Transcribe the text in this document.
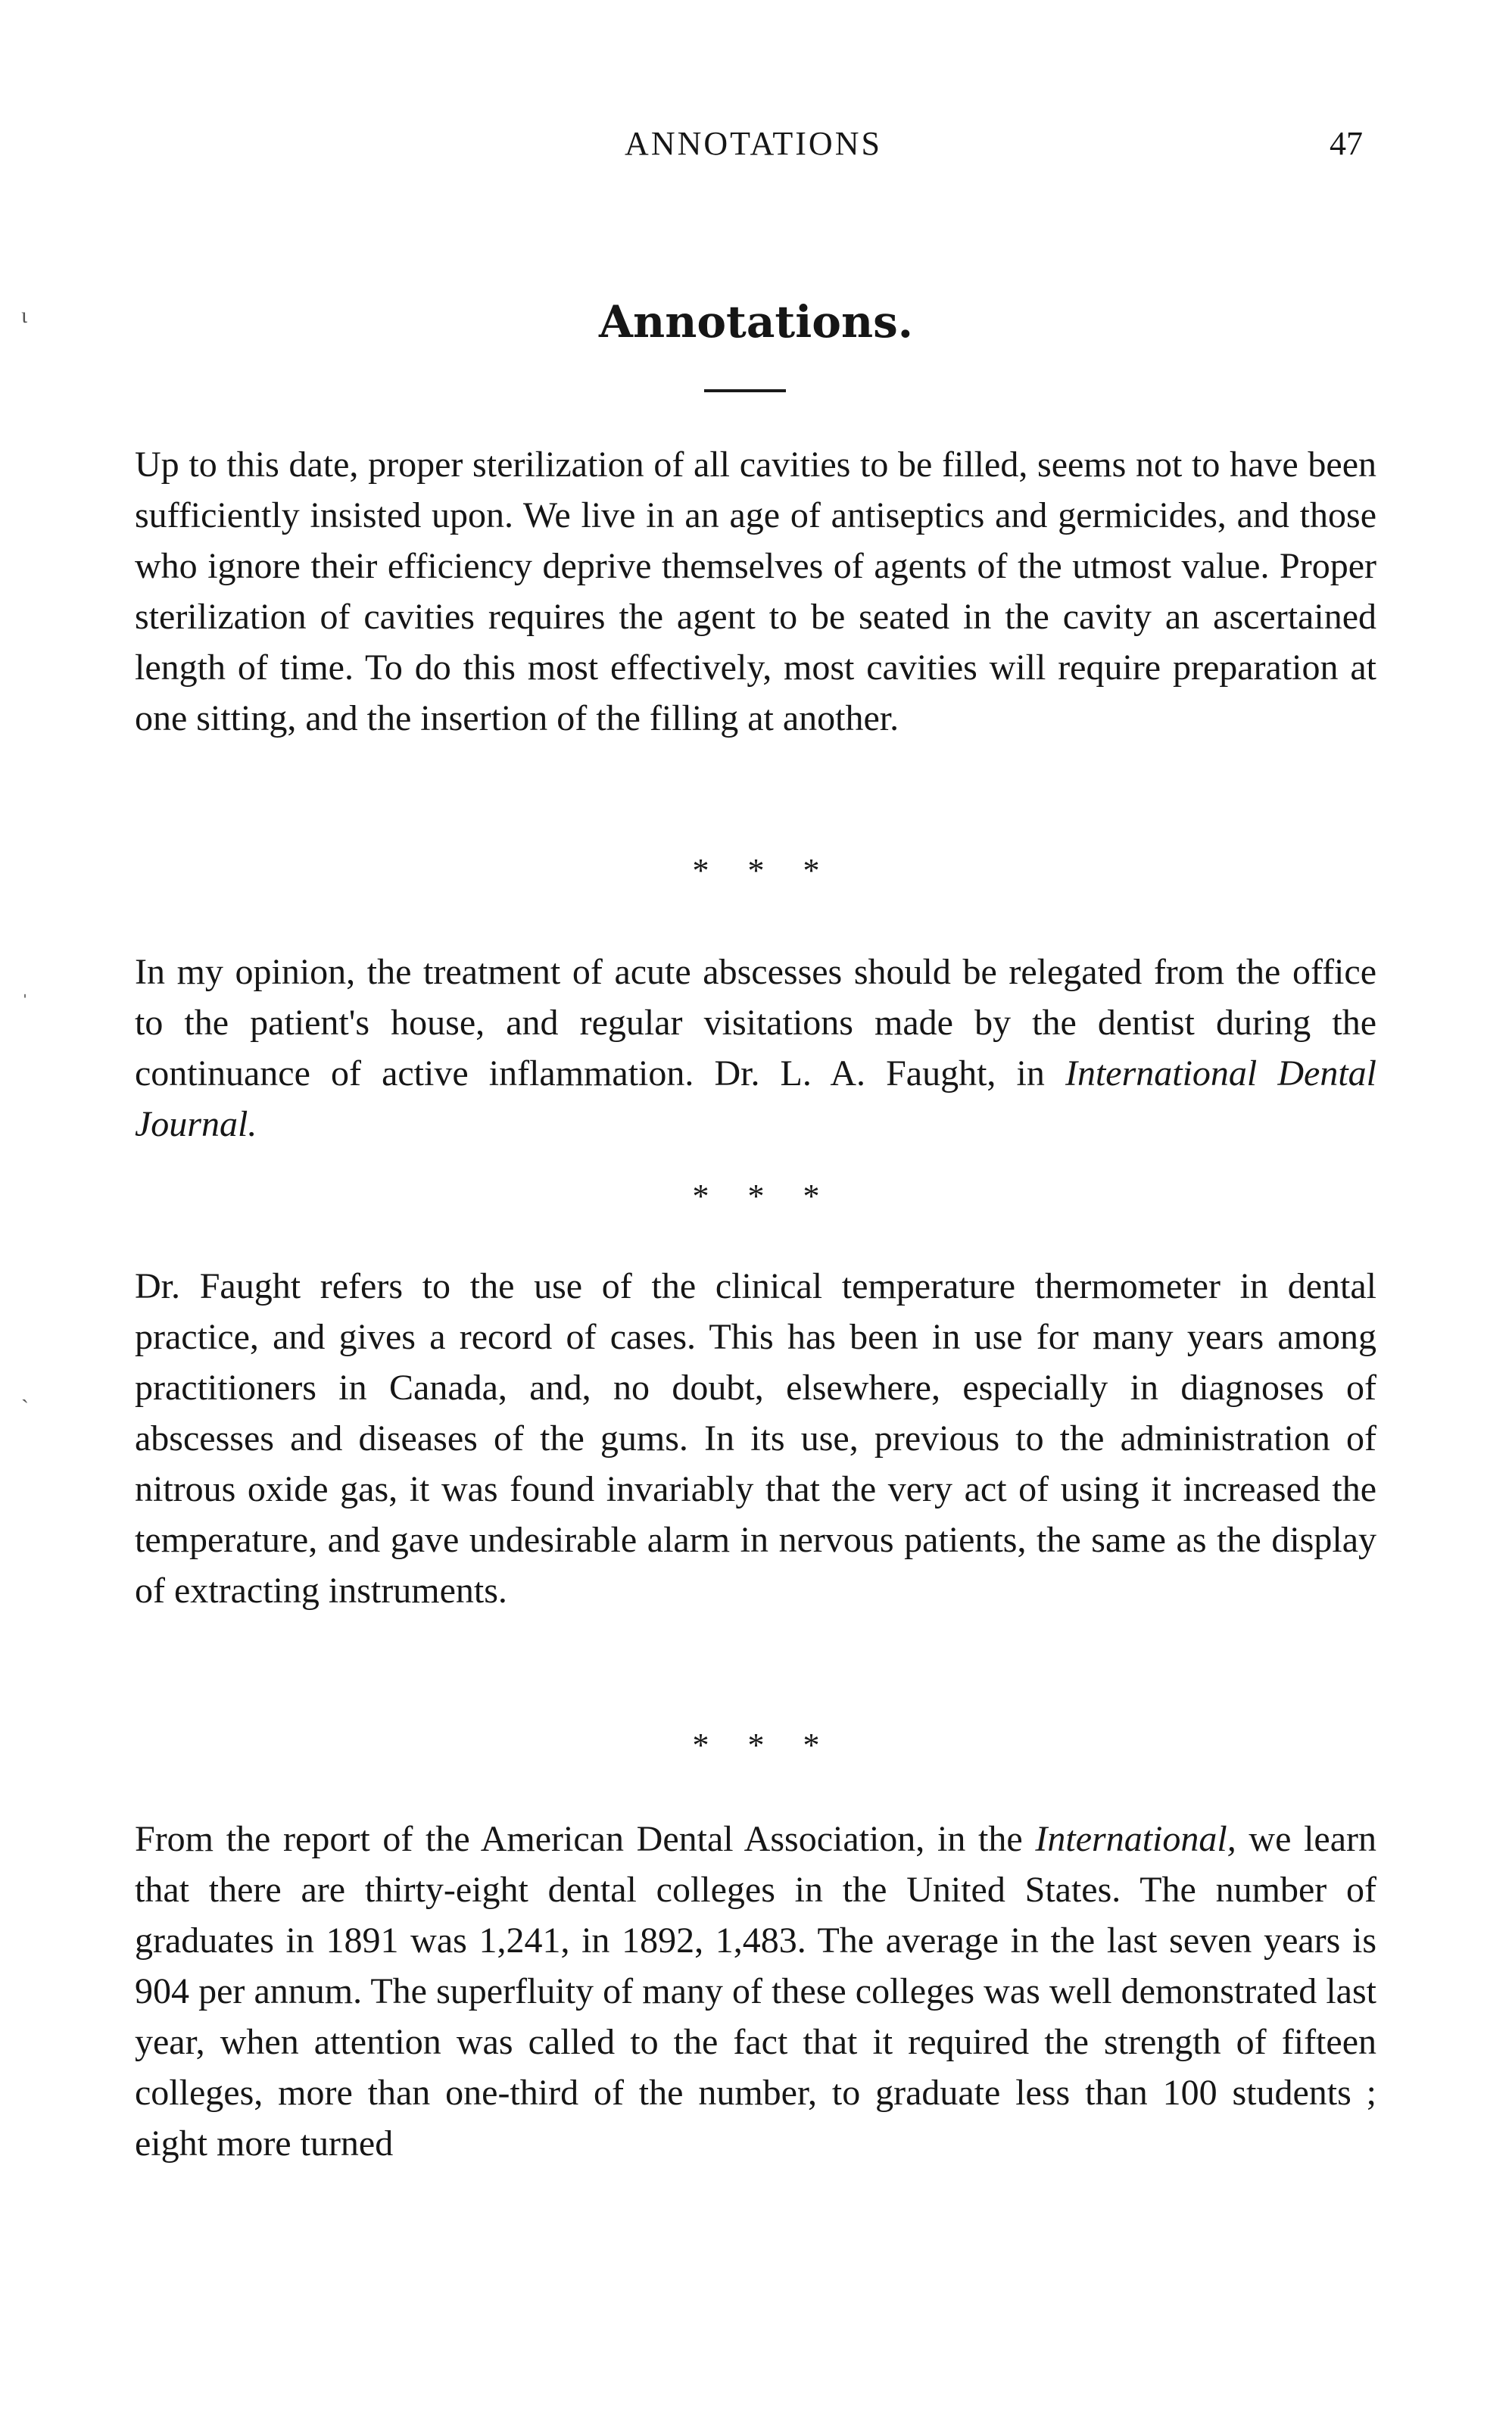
ANNOTATIONS	47
Annotations.

Up to this date, proper sterilization of all cavities to be filled, seems not to have been sufficiently insisted upon. We live in an age of antiseptics and germicides, and those who ignore their efficiency deprive themselves of agents of the utmost value. Proper sterilization of cavities requires the agent to be seated in the cavity an ascertained length of time. To do this most effectively, most cavities will require preparation at one sitting, and the insertion of the filling at another.

* * *

In my opinion, the treatment of acute abscesses should be relegated from the office to the patient's house, and regular visitations made by the dentist during the continuance of active inflammation. Dr. L. A. Faught, in International Dental Journal.

* * *

Dr. Faught refers to the use of the clinical temperature thermometer in dental practice, and gives a record of cases. This has been in use for many years among practitioners in Canada, and, no doubt, elsewhere, especially in diagnoses of abscesses and diseases of the gums. In its use, previous to the administration of nitrous oxide gas, it was found invariably that the very act of using it increased the temperature, and gave undesirable alarm in nervous patients, the same as the display of extracting instruments.

* * *

From the report of the American Dental Association, in the International, we learn that there are thirty-eight dental colleges in the United States. The number of graduates in 1891 was 1,241, in 1892, 1,483. The average in the last seven years is 904 per annum. The superfluity of many of these colleges was well demonstrated last year, when attention was called to the fact that it required the strength of fifteen colleges, more than one-third of the number, to graduate less than 100 students ; eight more turned

ɩ
ˌ
ˏ
